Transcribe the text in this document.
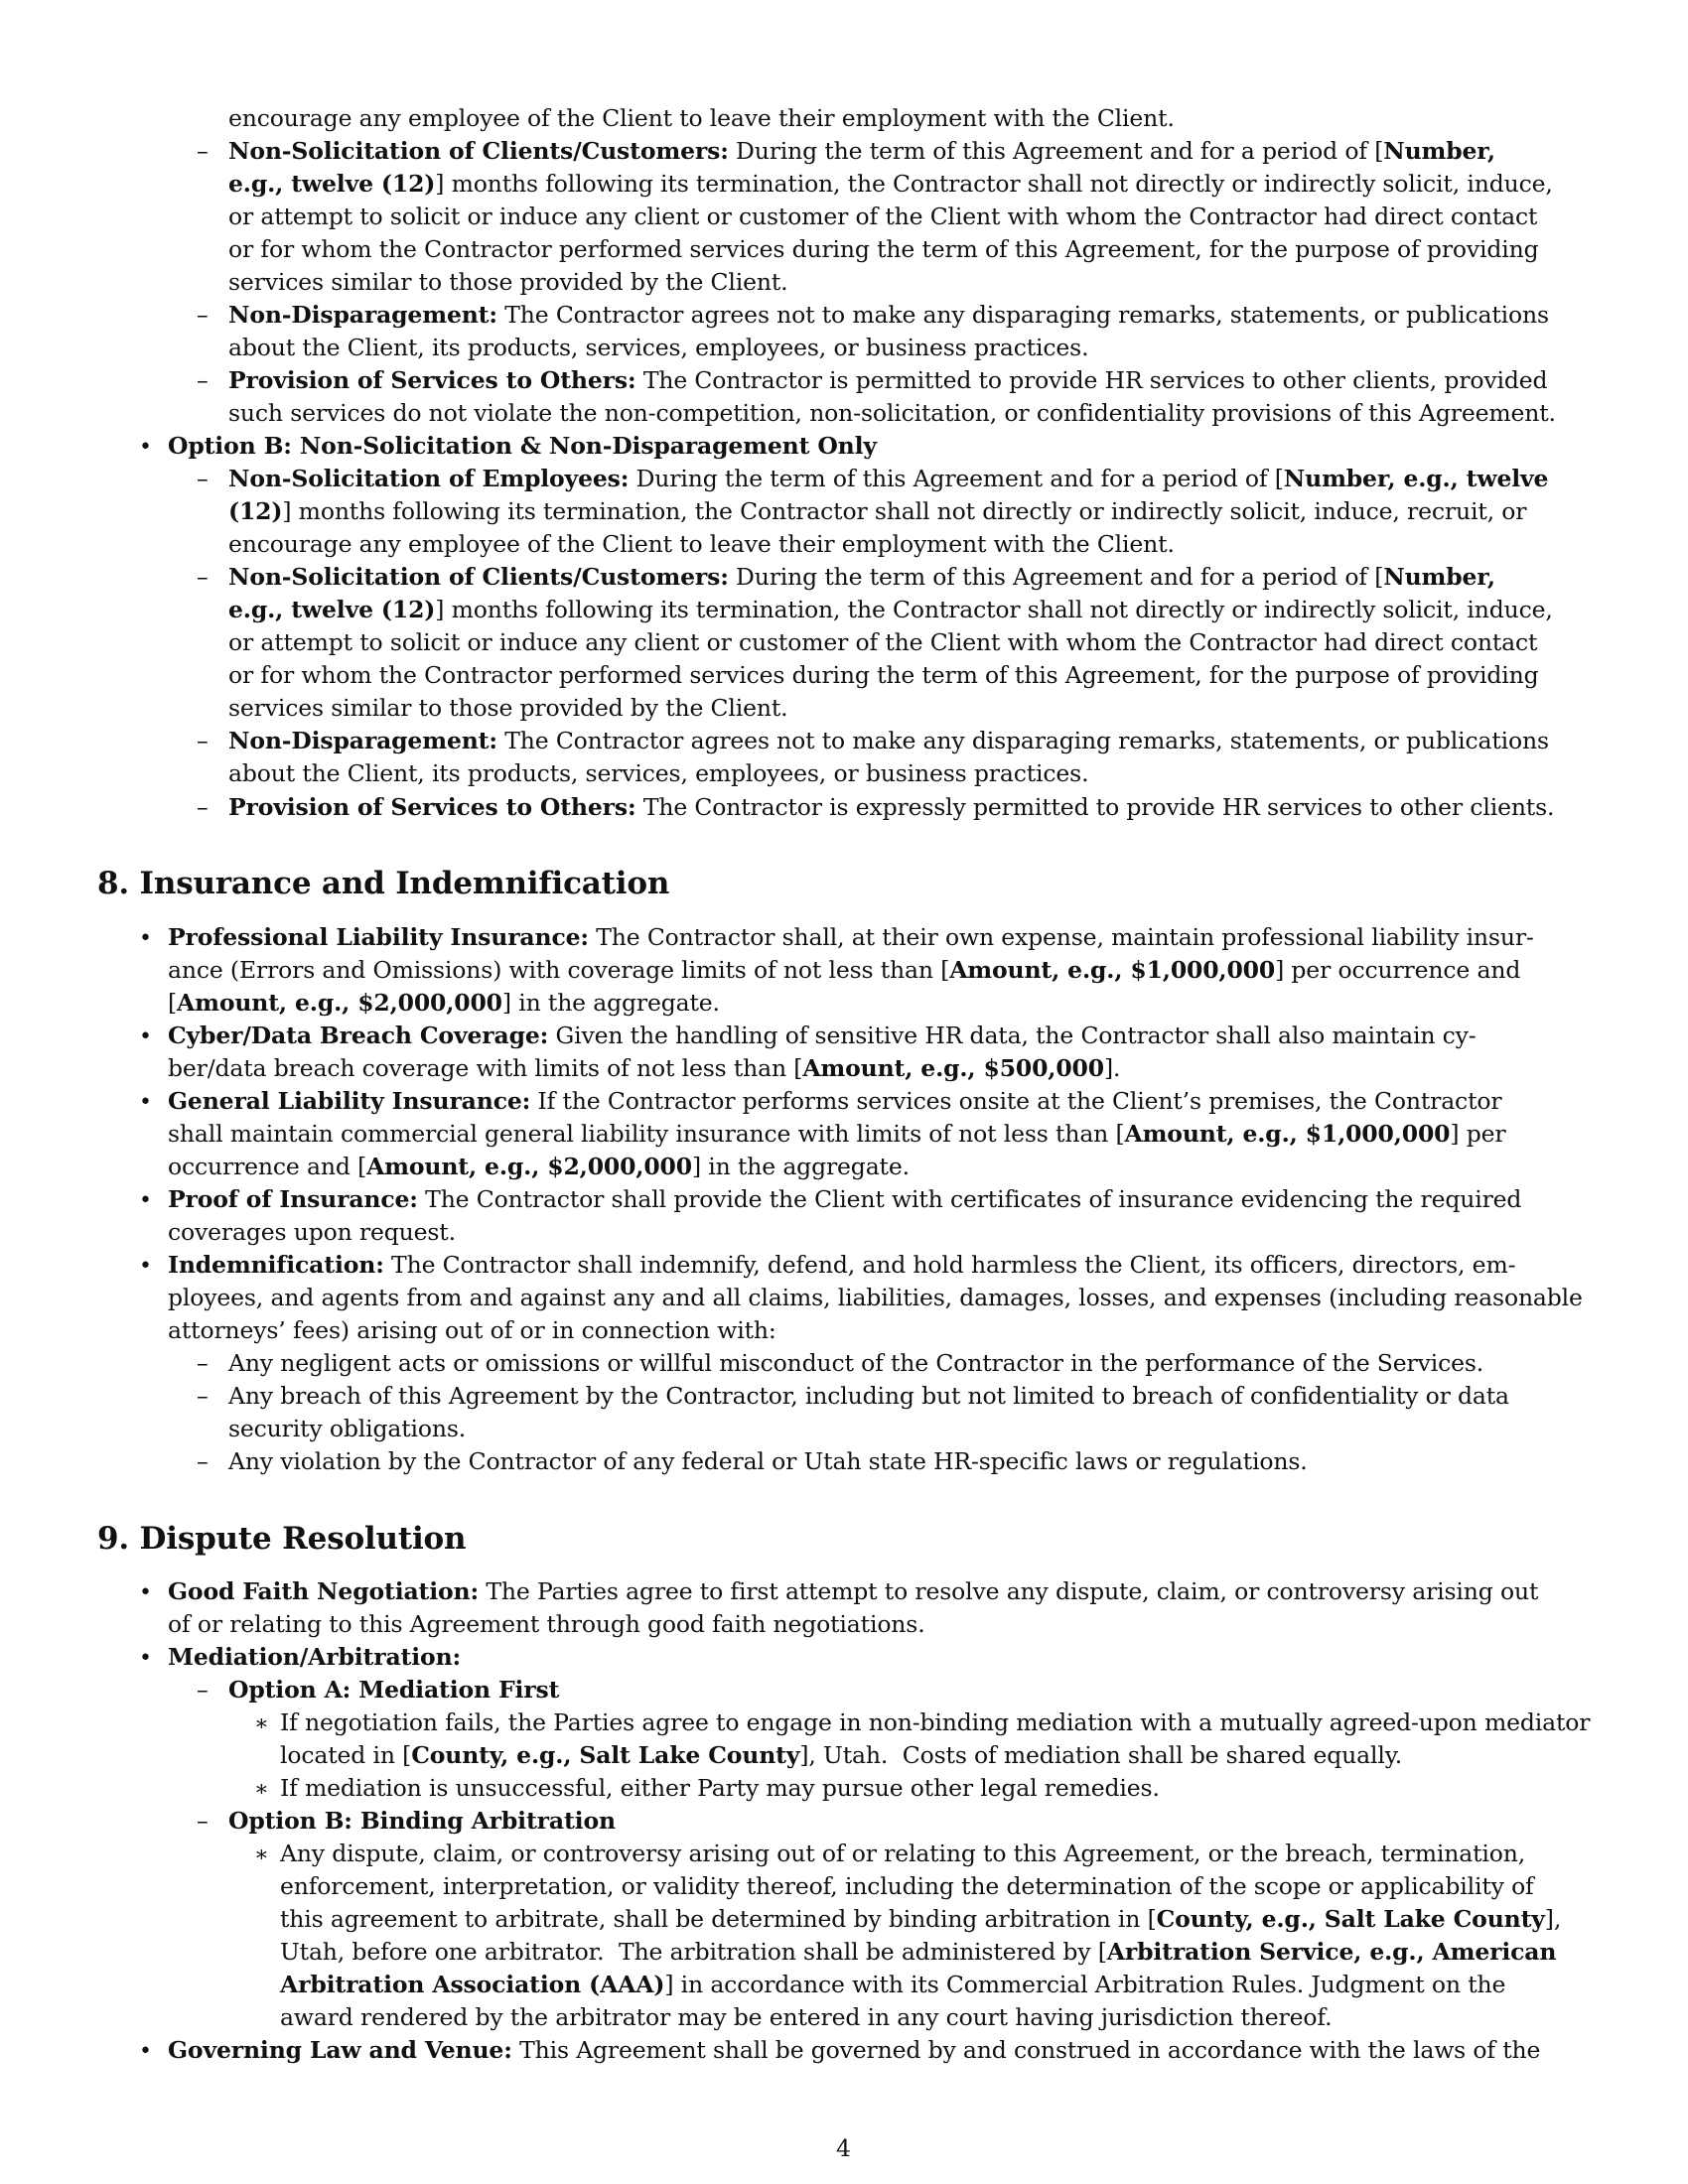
encourage any employee of the Client to leave their employment with the Client.
– Non-Solicitation of Clients/Customers: During the term of this Agreement and for a period of [Number,
e.g., twelve (12)] months following its termination, the Contractor shall not directly or indirectly solicit, induce,
or attempt to solicit or induce any client or customer of the Client with whom the Contractor had direct contact
or for whom the Contractor performed services during the term of this Agreement, for the purpose of providing
services similar to those provided by the Client.
– Non-Disparagement: The Contractor agrees not to make any disparaging remarks, statements, or publications
about the Client, its products, services, employees, or business practices.
– Provision of Services to Others: The Contractor is permitted to provide HR services to other clients, provided
such services do not violate the non-competition, non-solicitation, or confidentiality provisions of this Agreement.
• Option B: Non-Solicitation & Non-Disparagement Only
– Non-Solicitation of Employees: During the term of this Agreement and for a period of [Number, e.g., twelve
(12)] months following its termination, the Contractor shall not directly or indirectly solicit, induce, recruit, or
encourage any employee of the Client to leave their employment with the Client.
– Non-Solicitation of Clients/Customers: During the term of this Agreement and for a period of [Number,
e.g., twelve (12)] months following its termination, the Contractor shall not directly or indirectly solicit, induce,
or attempt to solicit or induce any client or customer of the Client with whom the Contractor had direct contact
or for whom the Contractor performed services during the term of this Agreement, for the purpose of providing
services similar to those provided by the Client.
– Non-Disparagement: The Contractor agrees not to make any disparaging remarks, statements, or publications
about the Client, its products, services, employees, or business practices.
– Provision of Services to Others: The Contractor is expressly permitted to provide HR services to other clients.
8. Insurance and Indemnification
• Professional Liability Insurance: The Contractor shall, at their own expense, maintain professional liability insur-
ance (Errors and Omissions) with coverage limits of not less than [Amount, e.g., $1,000,000] per occurrence and
[Amount, e.g., $2,000,000] in the aggregate.
• Cyber/Data Breach Coverage: Given the handling of sensitive HR data, the Contractor shall also maintain cy-
ber/data breach coverage with limits of not less than [Amount, e.g., $500,000].
• General Liability Insurance: If the Contractor performs services onsite at the Client’s premises, the Contractor
shall maintain commercial general liability insurance with limits of not less than [Amount, e.g., $1,000,000] per
occurrence and [Amount, e.g., $2,000,000] in the aggregate.
• Proof of Insurance: The Contractor shall provide the Client with certificates of insurance evidencing the required
coverages upon request.
• Indemnification: The Contractor shall indemnify, defend, and hold harmless the Client, its officers, directors, em-
ployees, and agents from and against any and all claims, liabilities, damages, losses, and expenses (including reasonable
attorneys’ fees) arising out of or in connection with:
– Any negligent acts or omissions or willful misconduct of the Contractor in the performance of the Services.
– Any breach of this Agreement by the Contractor, including but not limited to breach of confidentiality or data
security obligations.
– Any violation by the Contractor of any federal or Utah state HR-specific laws or regulations.
9. Dispute Resolution
• Good Faith Negotiation: The Parties agree to first attempt to resolve any dispute, claim, or controversy arising out
of or relating to this Agreement through good faith negotiations.
• Mediation/Arbitration:
– Option A: Mediation First
∗ If negotiation fails, the Parties agree to engage in non-binding mediation with a mutually agreed-upon mediator
located in [County, e.g., Salt Lake County], Utah.  Costs of mediation shall be shared equally.
∗ If mediation is unsuccessful, either Party may pursue other legal remedies.
– Option B: Binding Arbitration
∗ Any dispute, claim, or controversy arising out of or relating to this Agreement, or the breach, termination,
enforcement, interpretation, or validity thereof, including the determination of the scope or applicability of
this agreement to arbitrate, shall be determined by binding arbitration in [County, e.g., Salt Lake County],
Utah, before one arbitrator.  The arbitration shall be administered by [Arbitration Service, e.g., American
Arbitration Association (AAA)] in accordance with its Commercial Arbitration Rules. Judgment on the
award rendered by the arbitrator may be entered in any court having jurisdiction thereof.
• Governing Law and Venue: This Agreement shall be governed by and construed in accordance with the laws of the
4
